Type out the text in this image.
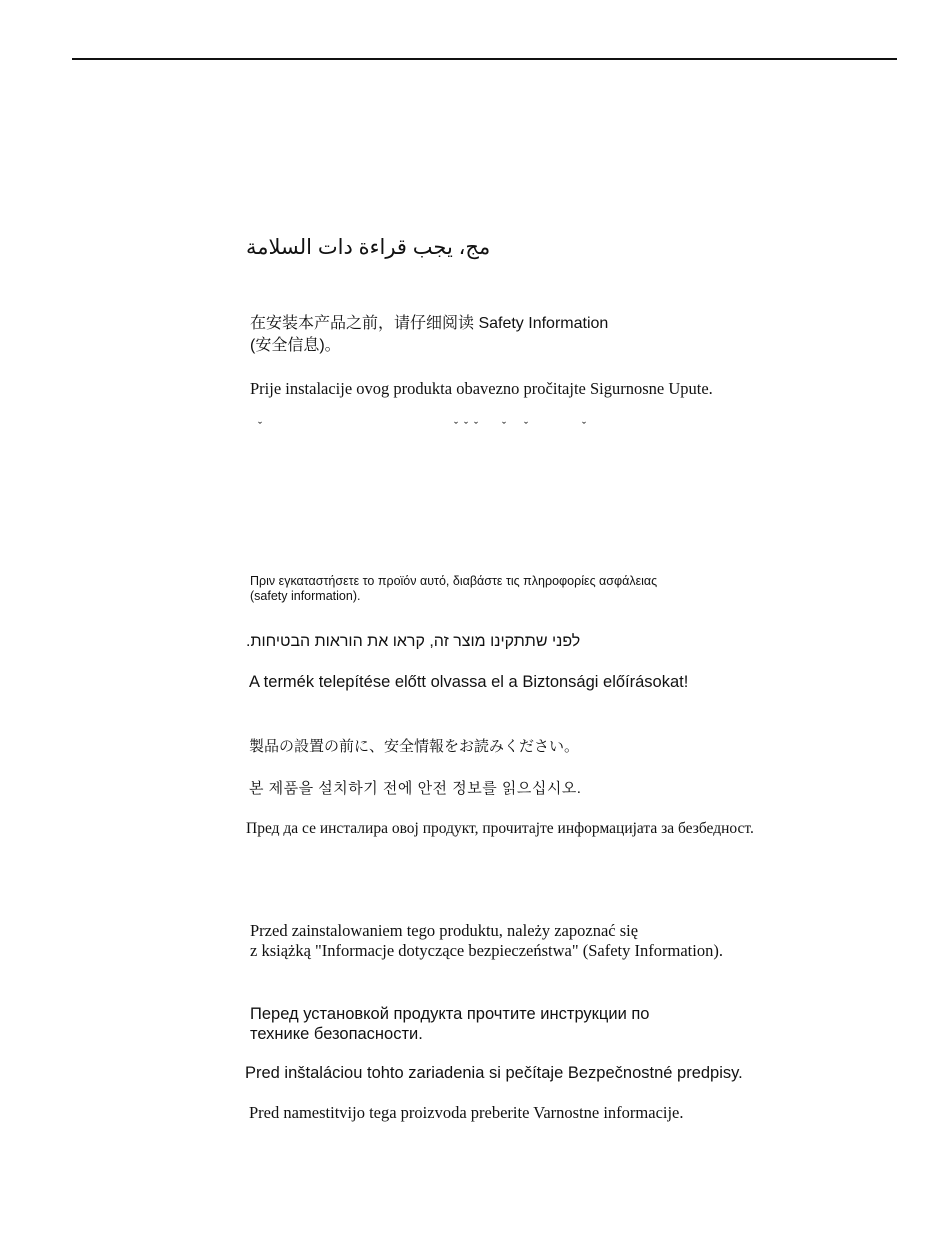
مج، يجب قراءة دات السلامة
在安装本产品之前，请仔细阅读 Safety Information
(安全信息)。
Prije instalacije ovog produkta obavezno pročitajte Sigurnosne Upute.
ˇ                                                                ˇ  ˇ  ˇ        ˇ      ˇ                  ˇ
Πριν εγκαταστήσετε το προϊόν αυτό, διαβάστε τις πληροφορίες ασφάλειας
(safety information).
לפני שתתקינו מוצר זה, קראו את הוראות הבטיחות.
A termék telepítése előtt olvassa el a Biztonsági előírásokat!
製品の設置の前に、安全情報をお読みください。
본 제품을 설치하기 전에 안전 정보를 읽으십시오.
Пред да се инсталира овој продукт, прочитајте информацијата за безбедност.
Przed zainstalowaniem tego produktu, należy zapoznać się
z książką "Informacje dotyczące bezpieczeństwa" (Safety Information).
Перед установкой продукта прочтите инструкции по
технике безопасности.
Pred inštaláciou tohto zariadenia si pečítaje Bezpečnostné predpisy.
Pred namestitvijo tega proizvoda preberite Varnostne informacije.
